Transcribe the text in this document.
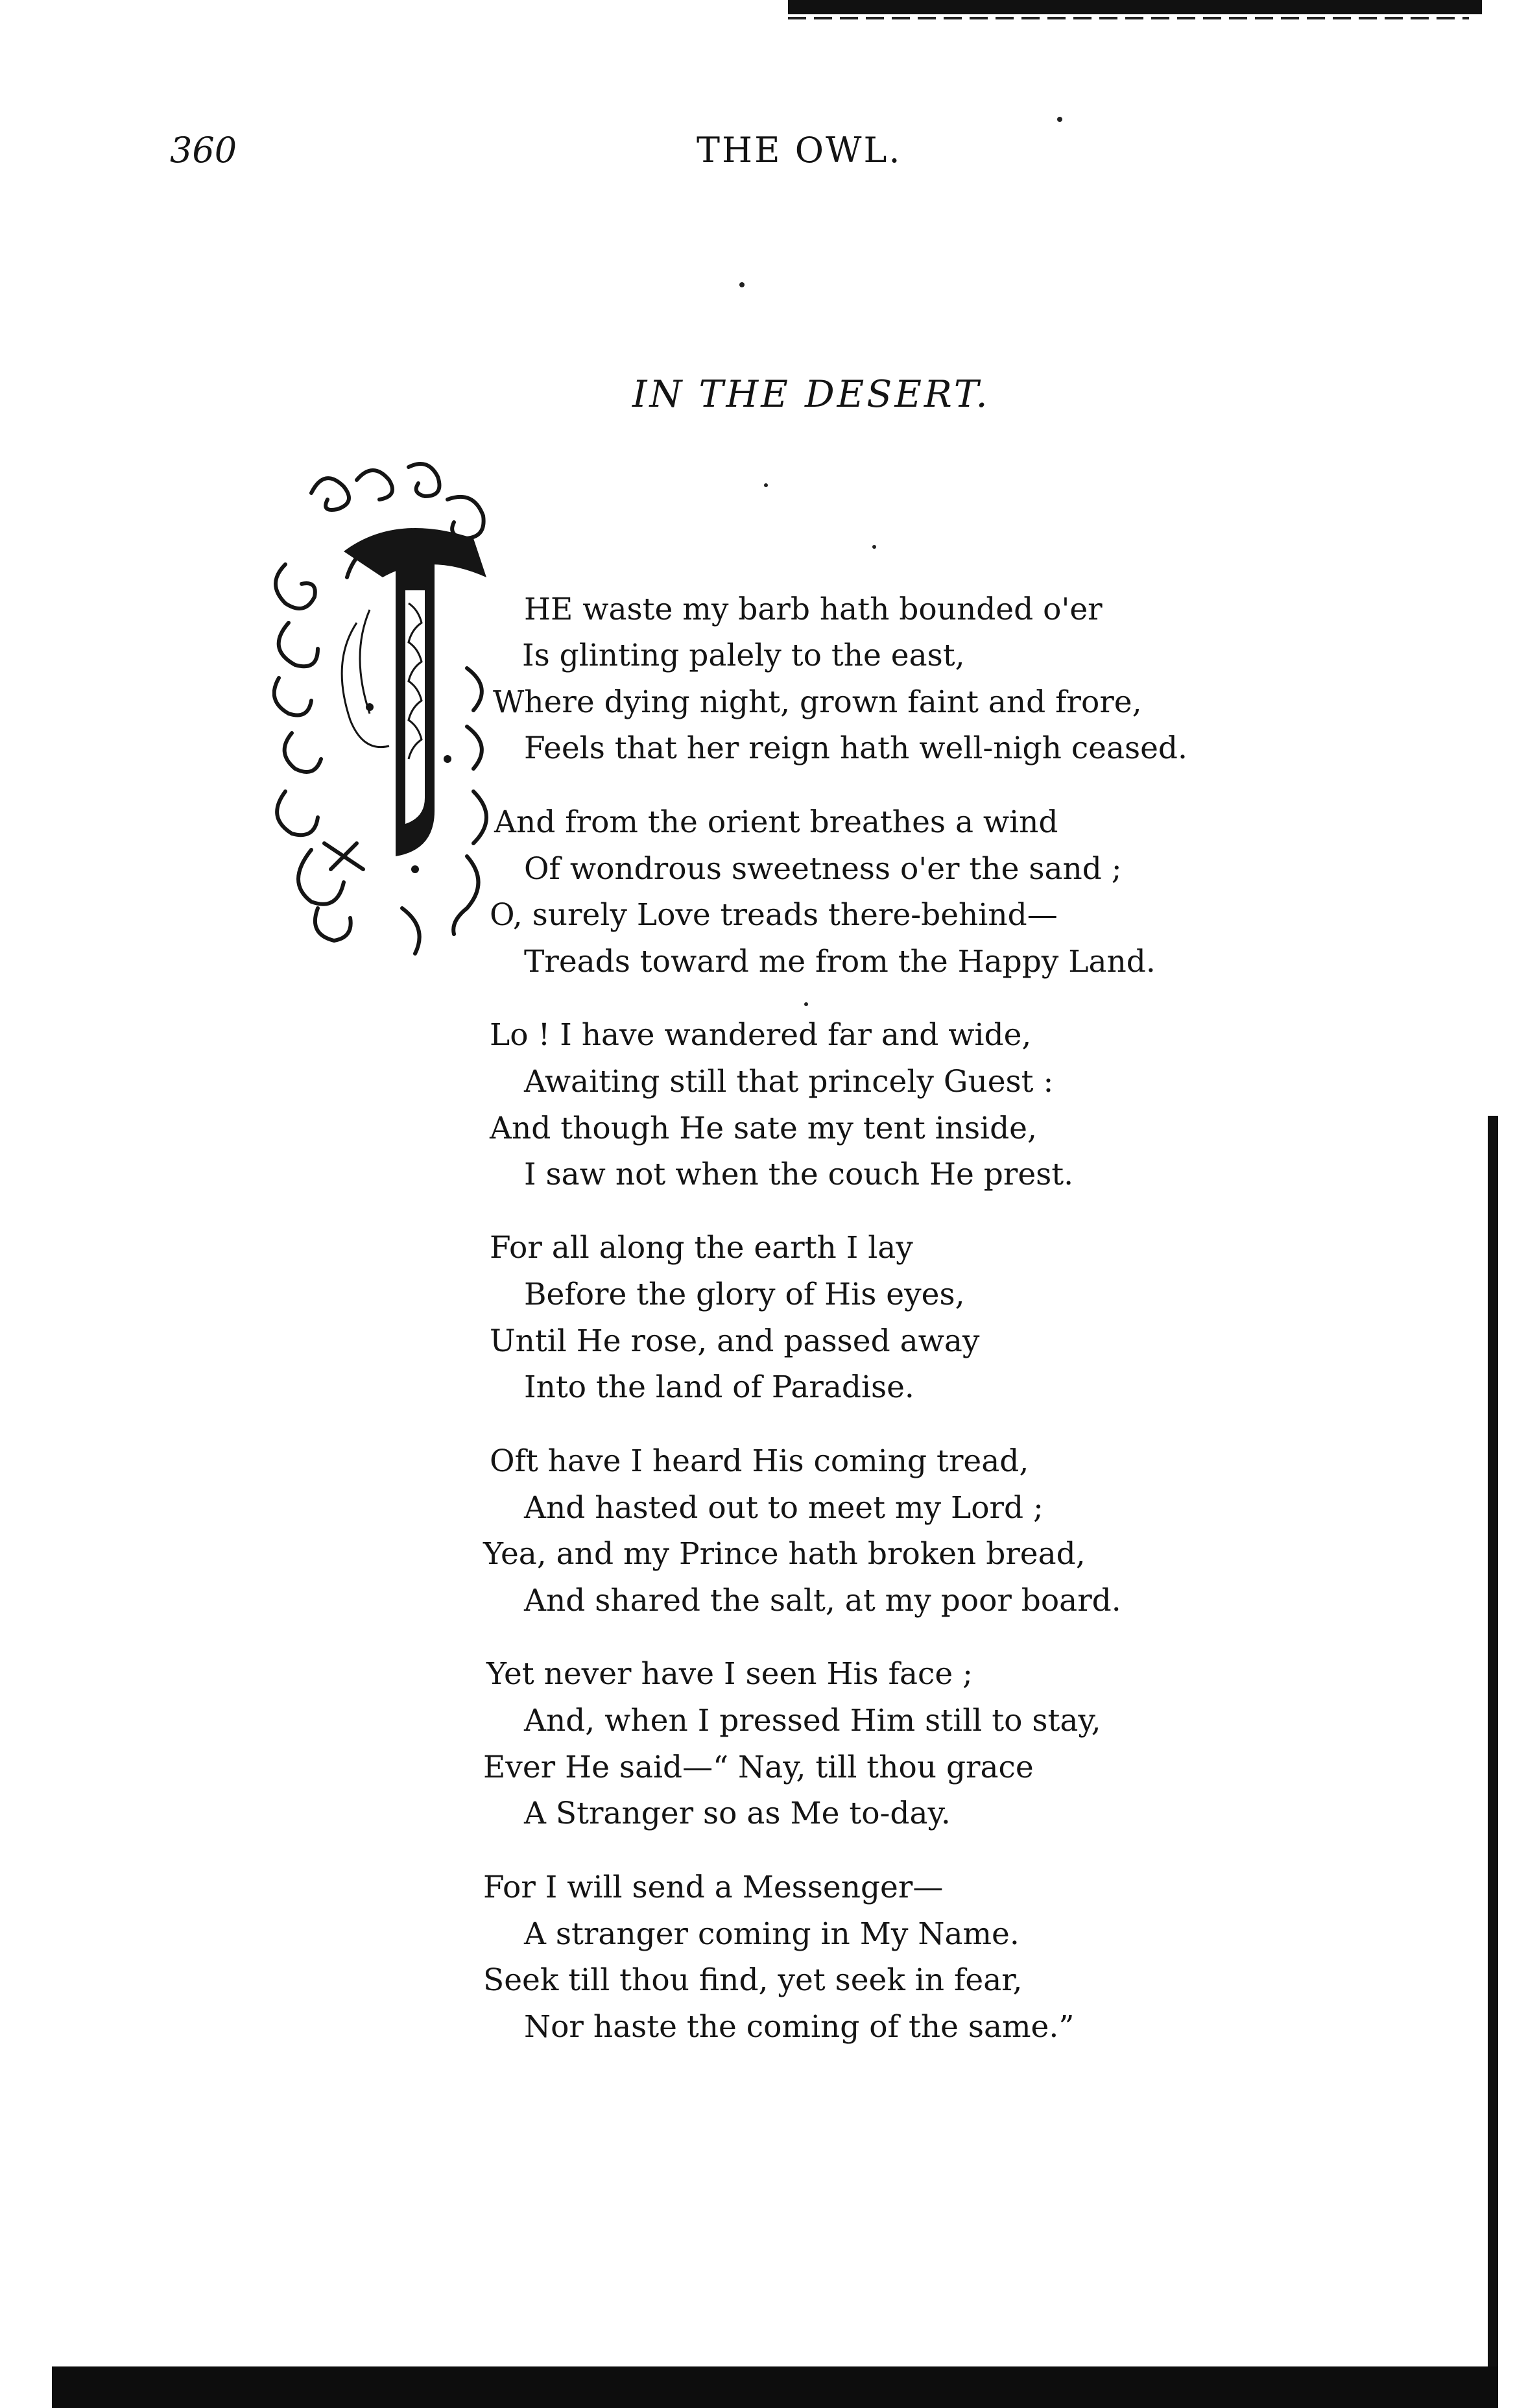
360	THE OWL.
IN THE DESERT.
HE waste my barb hath bounded o'er
Is glinting palely to the east,
Where dying night, grown faint and frore,
Feels that her reign hath well-nigh ceased.
And from the orient breathes a wind
Of wondrous sweetness o'er the sand ;
O, surely Love treads there-behind—
Treads toward me from the Happy Land.
Lo ! I have wandered far and wide,
Awaiting still that princely Guest :
And though He sate my tent inside,
I saw not when the couch He prest.
For all along the earth I lay
Before the glory of His eyes,
Until He rose, and passed away
Into the land of Paradise.
Oft have I heard His coming tread,
And hasted out to meet my Lord ;
Yea, and my Prince hath broken bread,
And shared the salt, at my poor board.
Yet never have I seen His face ;
And, when I pressed Him still to stay,
Ever He said—“ Nay, till thou grace
A Stranger so as Me to-day.
For I will send a Messenger—
A stranger coming in My Name.
Seek till thou find, yet seek in fear,
Nor haste the coming of the same.”
